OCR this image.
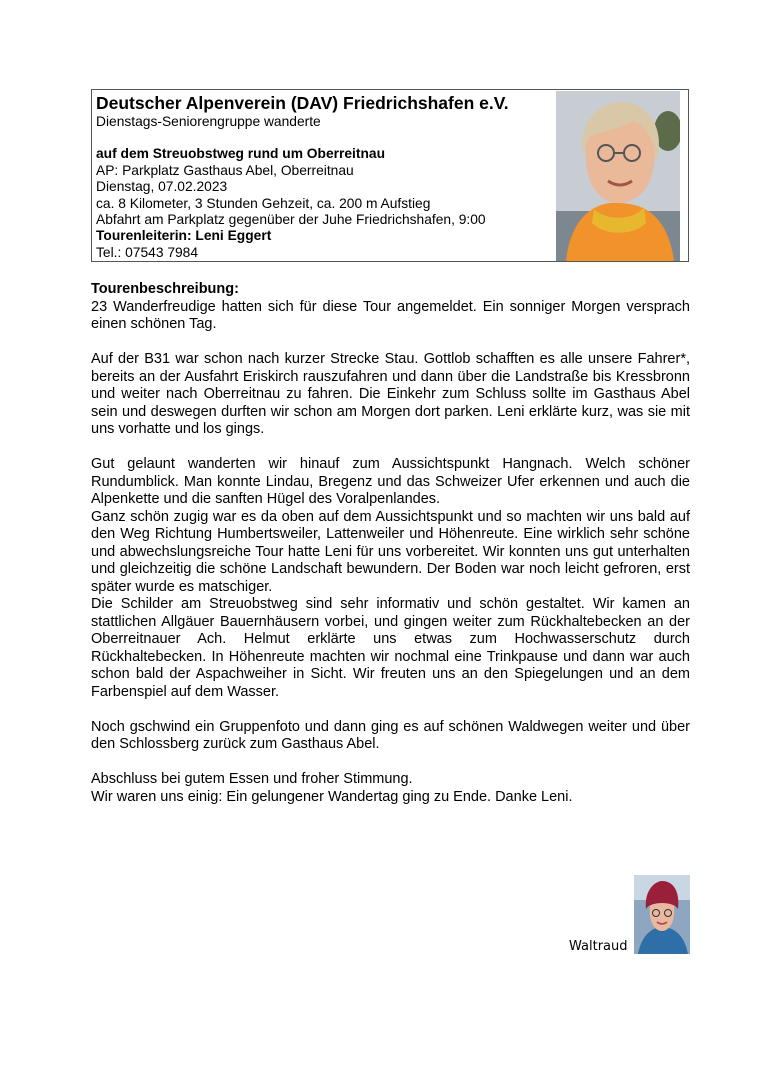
Deutscher Alpenverein (DAV) Friedrichshafen e.V.
Dienstags-Seniorengruppe wanderte
auf dem Streuobstweg rund um Oberreitnau
AP: Parkplatz Gasthaus Abel, Oberreitnau
Dienstag, 07.02.2023
ca. 8 Kilometer, 3 Stunden Gehzeit, ca. 200 m Aufstieg
Abfahrt am Parkplatz gegenüber der Juhe Friedrichshafen, 9:00
Tourenleiterin: Leni Eggert
Tel.: 07543 7984

Tourenbeschreibung:

23 Wanderfreudige hatten sich für diese Tour angemeldet. Ein sonniger Morgen versprach einen schönen Tag.

Auf der B31 war schon nach kurzer Strecke Stau. Gottlob schafften es alle unsere Fahrer*, bereits an der Ausfahrt Eriskirch rauszufahren und dann über die Landstraße bis Kressbronn und weiter nach Oberreitnau zu fahren. Die Einkehr zum Schluss sollte im Gasthaus Abel sein und deswegen durften wir schon am Morgen dort parken. Leni erklärte kurz, was sie mit uns vorhatte und los gings.

Gut gelaunt wanderten wir hinauf zum Aussichtspunkt Hangnach. Welch schöner Rundumblick. Man konnte Lindau, Bregenz und das Schweizer Ufer erkennen und auch die Alpenkette und die sanften Hügel des Voralpenlandes.

Ganz schön zugig war es da oben auf dem Aussichtspunkt und so machten wir uns bald auf den Weg Richtung Humbertsweiler, Lattenweiler und Höhenreute. Eine wirklich sehr schöne und abwechslungsreiche Tour hatte Leni für uns vorbereitet. Wir konnten uns gut unterhalten und gleichzeitig die schöne Landschaft bewundern. Der Boden war noch leicht gefroren, erst später wurde es matschiger.

Die Schilder am Streuobstweg sind sehr informativ und schön gestaltet. Wir kamen an stattlichen Allgäuer Bauernhäusern vorbei, und gingen weiter zum Rückhaltebecken an der Oberreitnauer Ach. Helmut erklärte uns etwas zum Hochwasserschutz durch Rückhaltebecken. In Höhenreute machten wir nochmal eine Trinkpause und dann war auch schon bald der Aspachweiher in Sicht. Wir freuten uns an den Spiegelungen und an dem Farbenspiel auf dem Wasser.

Noch gschwind ein Gruppenfoto und dann ging es auf schönen Waldwegen weiter und über den Schlossberg zurück zum Gasthaus Abel.

Abschluss bei gutem Essen und froher Stimmung.

Wir waren uns einig: Ein gelungener Wandertag ging zu Ende. Danke Leni.

Waltraud
